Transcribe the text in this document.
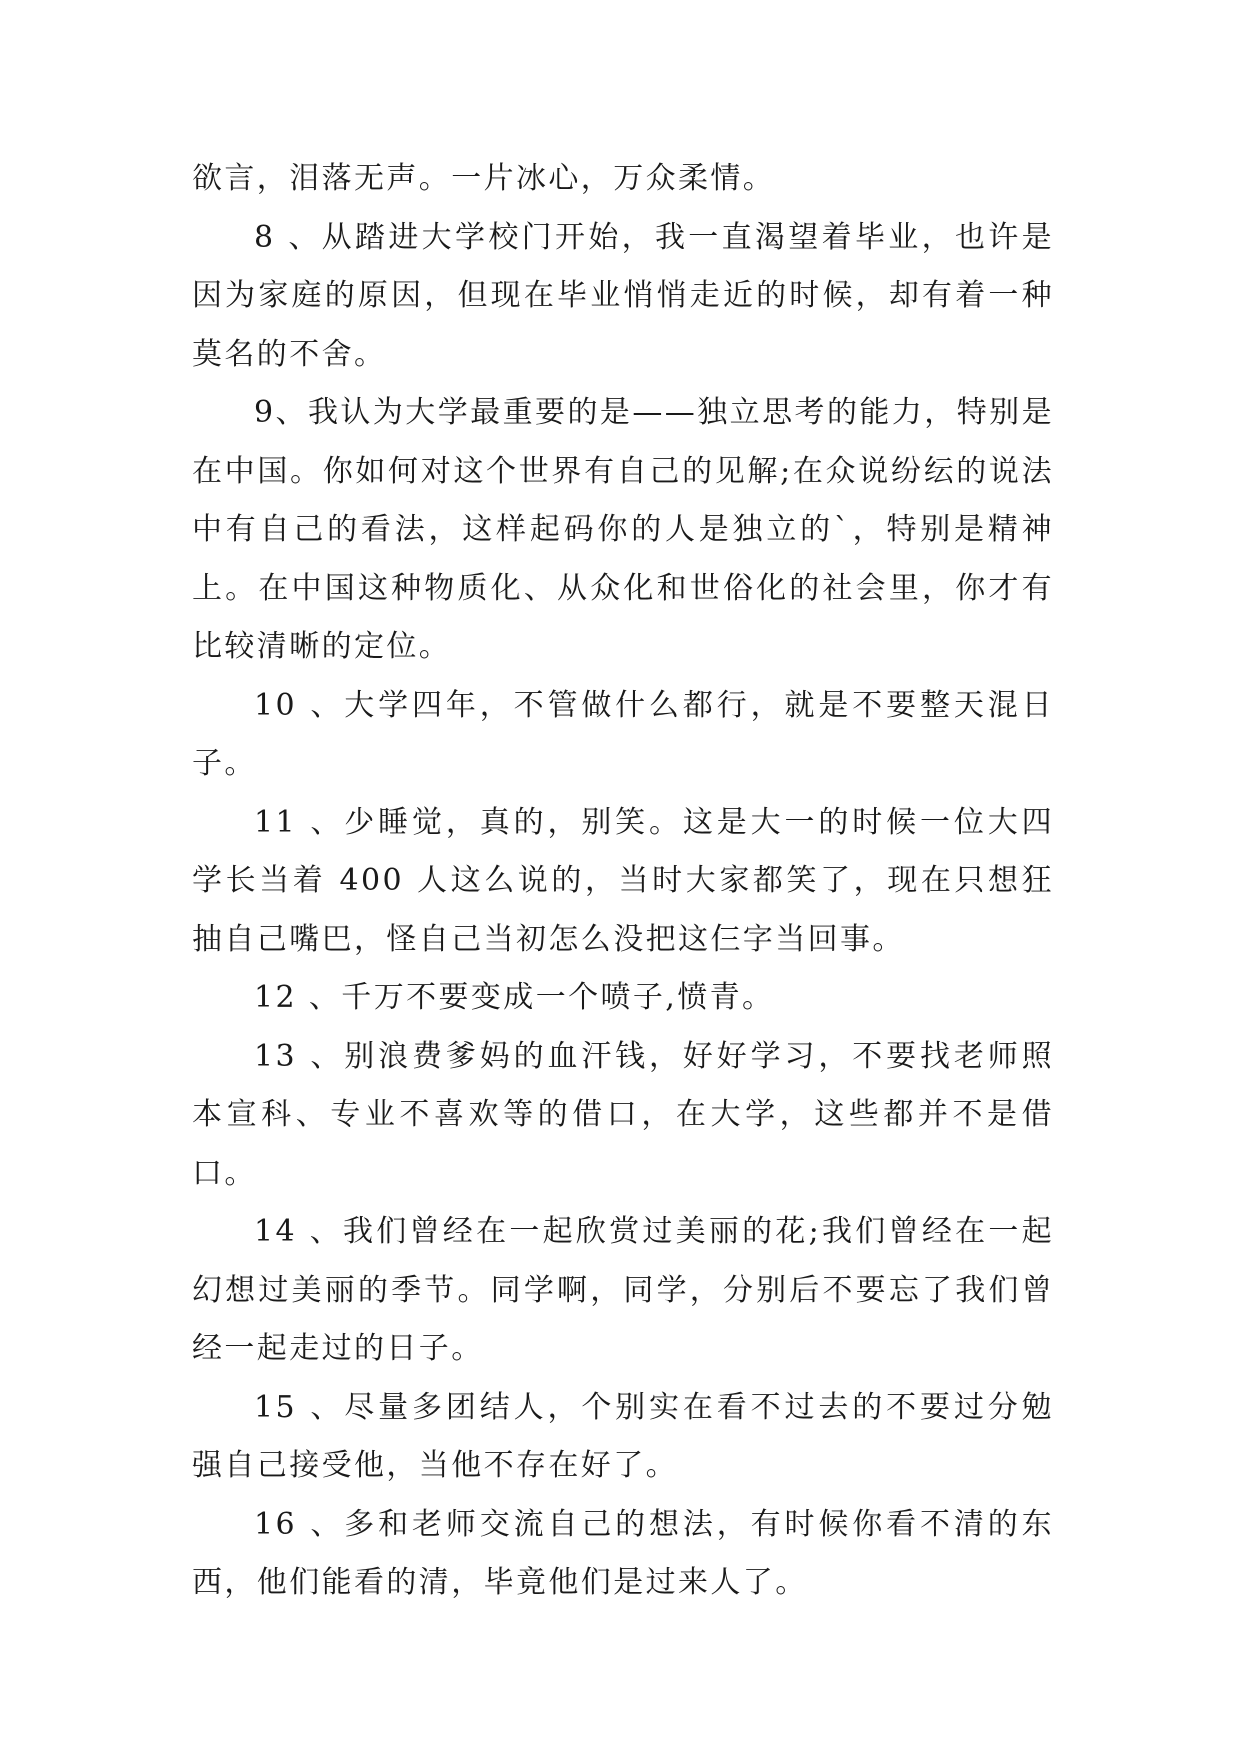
欲言，泪落无声。一片冰心，万众柔情。

8 、从踏进大学校门开始，我一直渴望着毕业，也许是因为家庭的原因，但现在毕业悄悄走近的时候，却有着一种莫名的不舍。

9、我认为大学最重要的是——独立思考的能力，特别是在中国。你如何对这个世界有自己的见解;在众说纷纭的说法中有自己的看法，这样起码你的人是独立的`，特别是精神上。在中国这种物质化、从众化和世俗化的社会里，你才有比较清晰的定位。

10 、大学四年，不管做什么都行，就是不要整天混日子。

11 、少睡觉，真的，别笑。这是大一的时候一位大四学长当着 400 人这么说的，当时大家都笑了，现在只想狂抽自己嘴巴，怪自己当初怎么没把这仨字当回事。

12 、千万不要变成一个喷子,愤青。

13 、别浪费爹妈的血汗钱，好好学习，不要找老师照本宣科、专业不喜欢等的借口，在大学，这些都并不是借口。

14 、我们曾经在一起欣赏过美丽的花;我们曾经在一起幻想过美丽的季节。同学啊，同学，分别后不要忘了我们曾经一起走过的日子。

15 、尽量多团结人，个别实在看不过去的不要过分勉强自己接受他，当他不存在好了。

16 、多和老师交流自己的想法，有时候你看不清的东西，他们能看的清，毕竟他们是过来人了。
